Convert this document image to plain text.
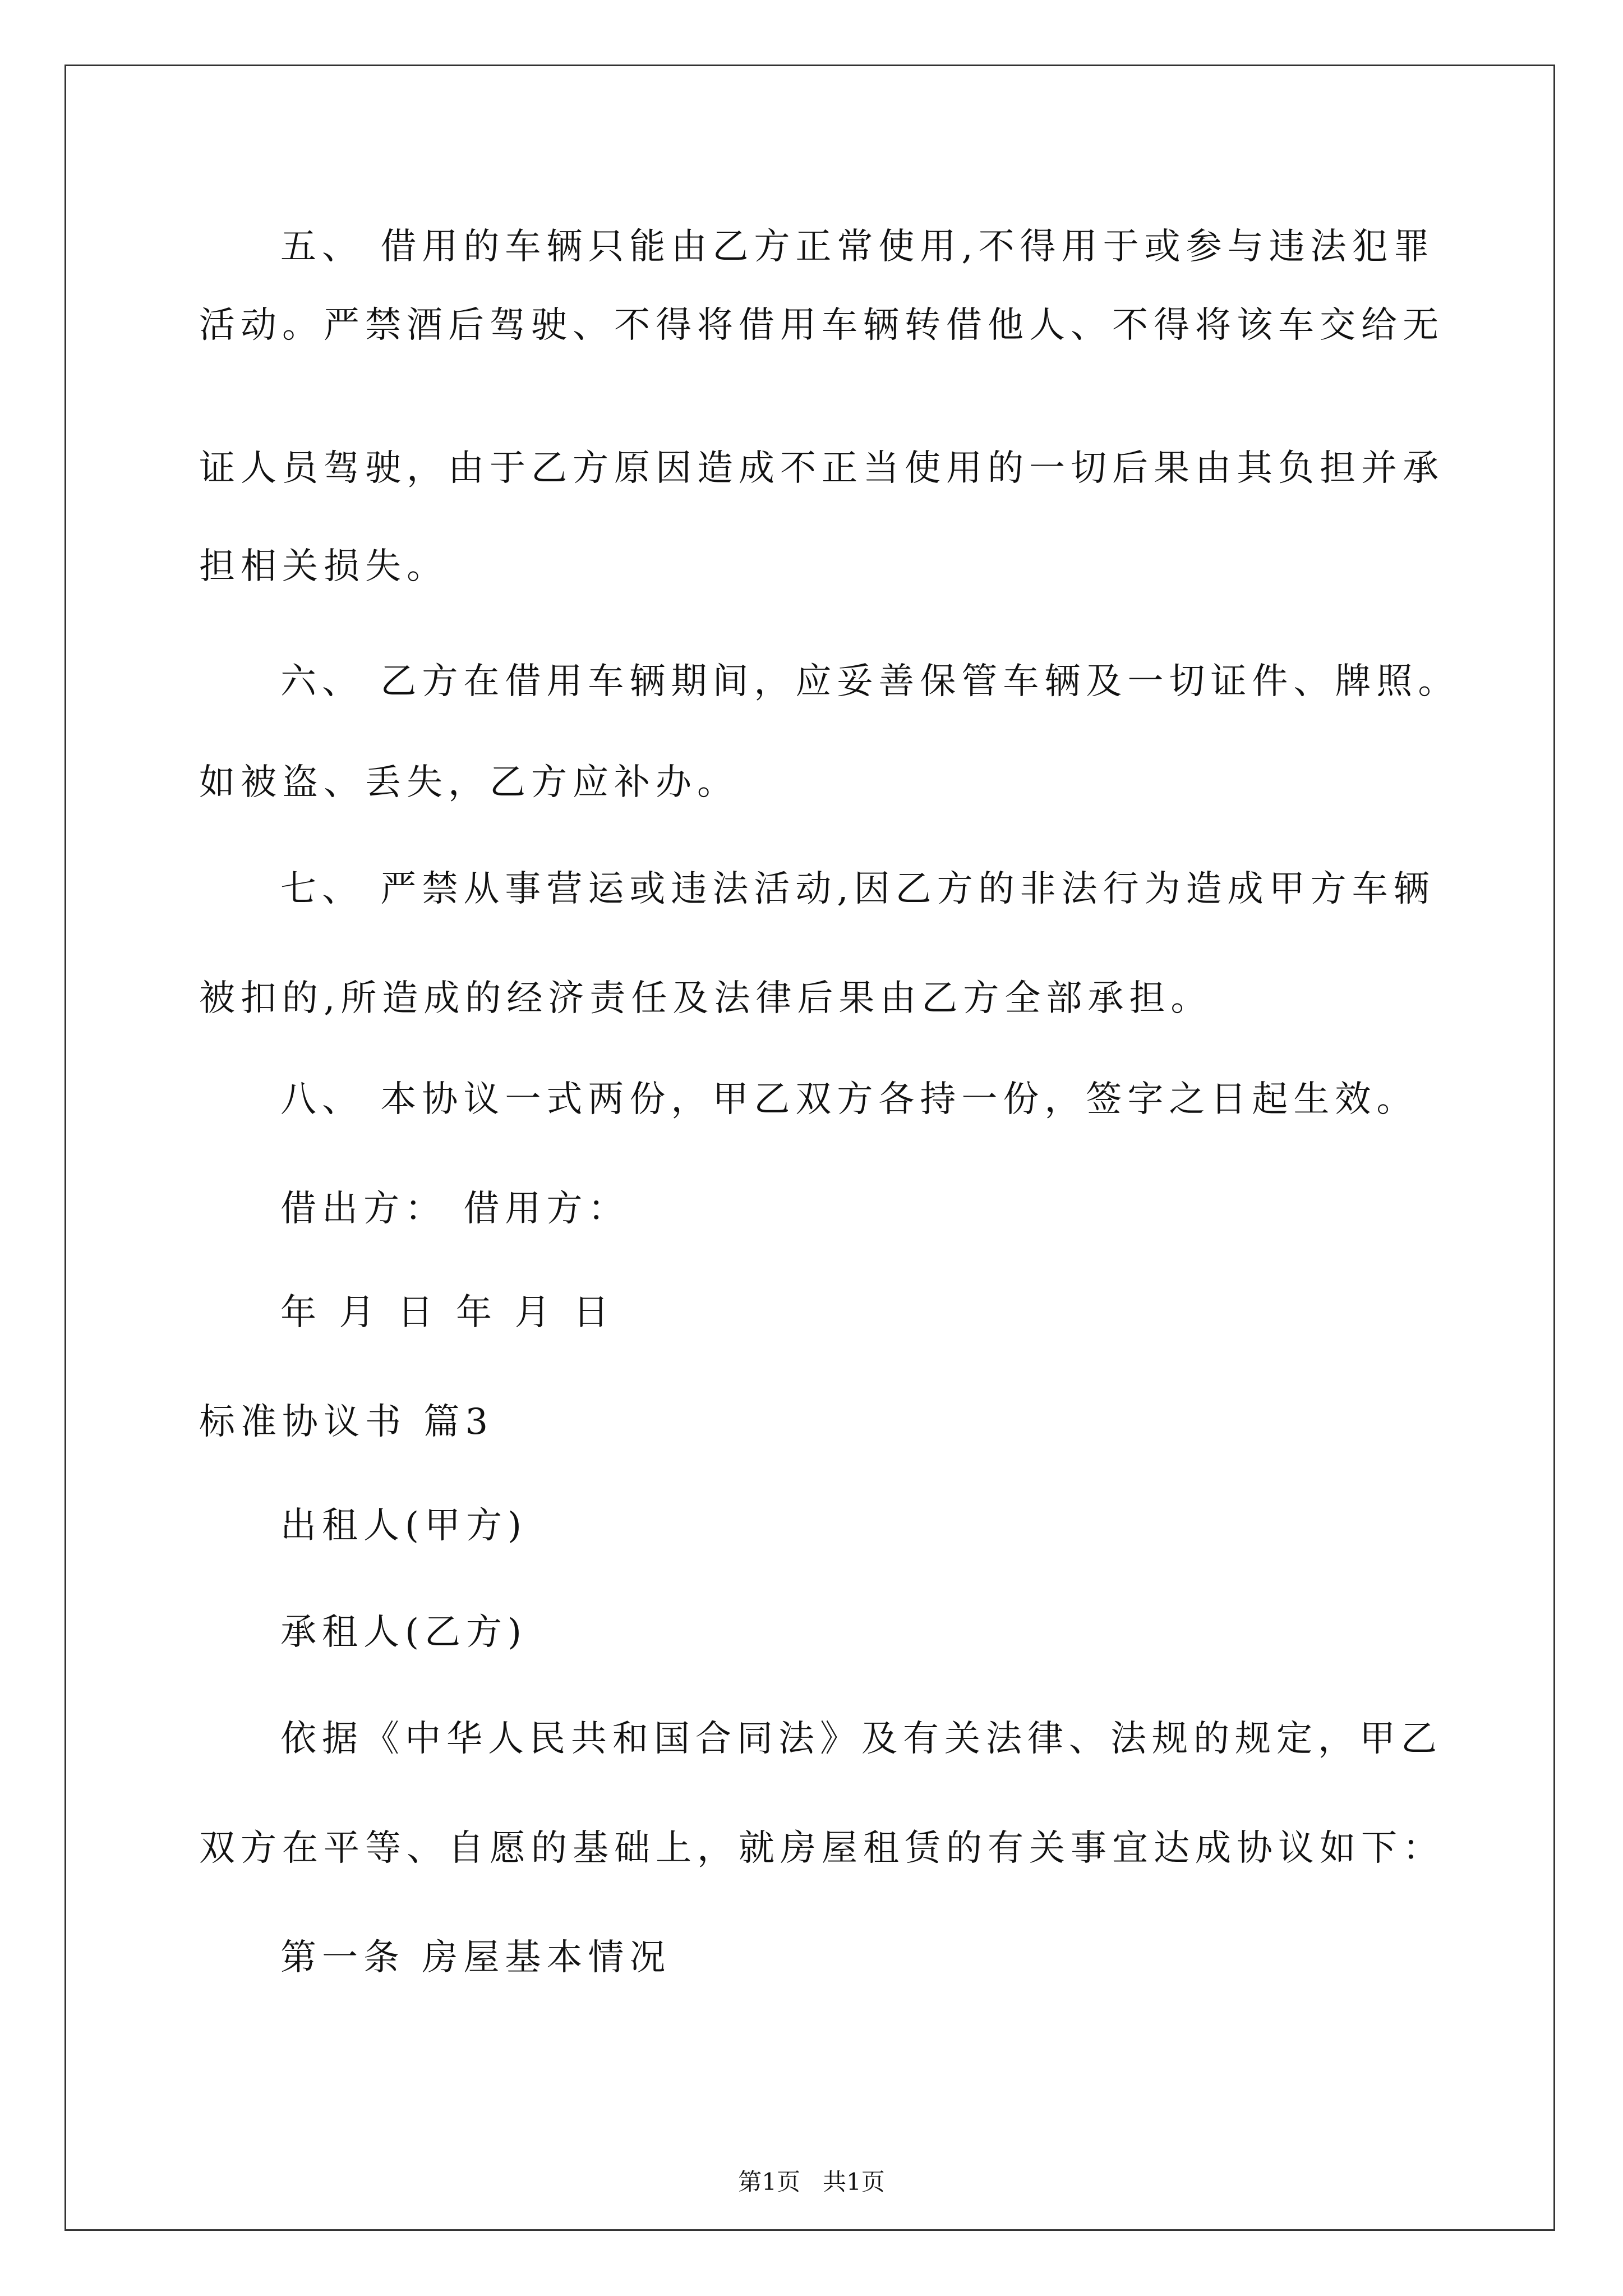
五、 借用的车辆只能由乙方正常使用,不得用于或参与违法犯罪
活动。严禁酒后驾驶、不得将借用车辆转借他人、不得将该车交给无
证人员驾驶，由于乙方原因造成不正当使用的一切后果由其负担并承
担相关损失。
六、 乙方在借用车辆期间，应妥善保管车辆及一切证件、牌照。
如被盗、丢失，乙方应补办。
七、 严禁从事营运或违法活动,因乙方的非法行为造成甲方车辆
被扣的,所造成的经济责任及法律后果由乙方全部承担。
八、 本协议一式两份，甲乙双方各持一份，签字之日起生效。
借出方： 借用方：
年 月 日 年 月 日
标准协议书 篇3
出租人(甲方)
承租人(乙方)
依据《中华人民共和国合同法》及有关法律、法规的规定，甲乙
双方在平等、自愿的基础上，就房屋租赁的有关事宜达成协议如下：
第一条 房屋基本情况
第1页   共1页
